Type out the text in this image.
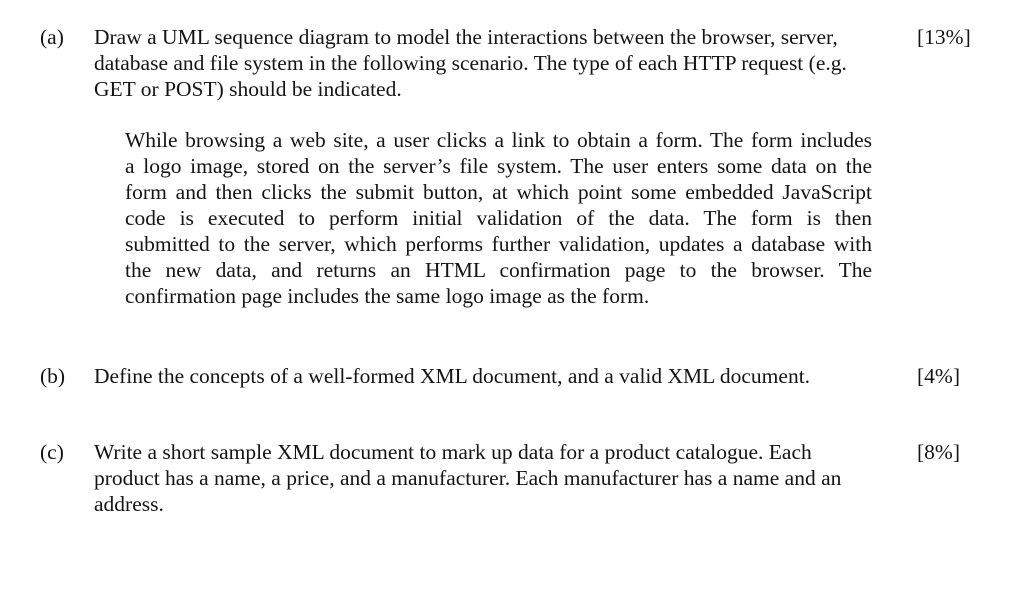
(a) Draw a UML sequence diagram to model the interactions between the browser, server,
database and file system in the following scenario. The type of each HTTP request (e.g.
GET or POST) should be indicated.
[13%]
While browsing a web site, a user clicks a link to obtain a form. The form includes
a logo image, stored on the server’s file system. The user enters some data on the
form and then clicks the submit button, at which point some embedded JavaScript
code is executed to perform initial validation of the data. The form is then
submitted to the server, which performs further validation, updates a database with
the new data, and returns an HTML confirmation page to the browser. The
confirmation page includes the same logo image as the form.
(b) Define the concepts of a well-formed XML document, and a valid XML document.	[4%]
(c) Write a short sample XML document to mark up data for a product catalogue. Each
product has a name, a price, and a manufacturer. Each manufacturer has a name and an
address.
[8%]
